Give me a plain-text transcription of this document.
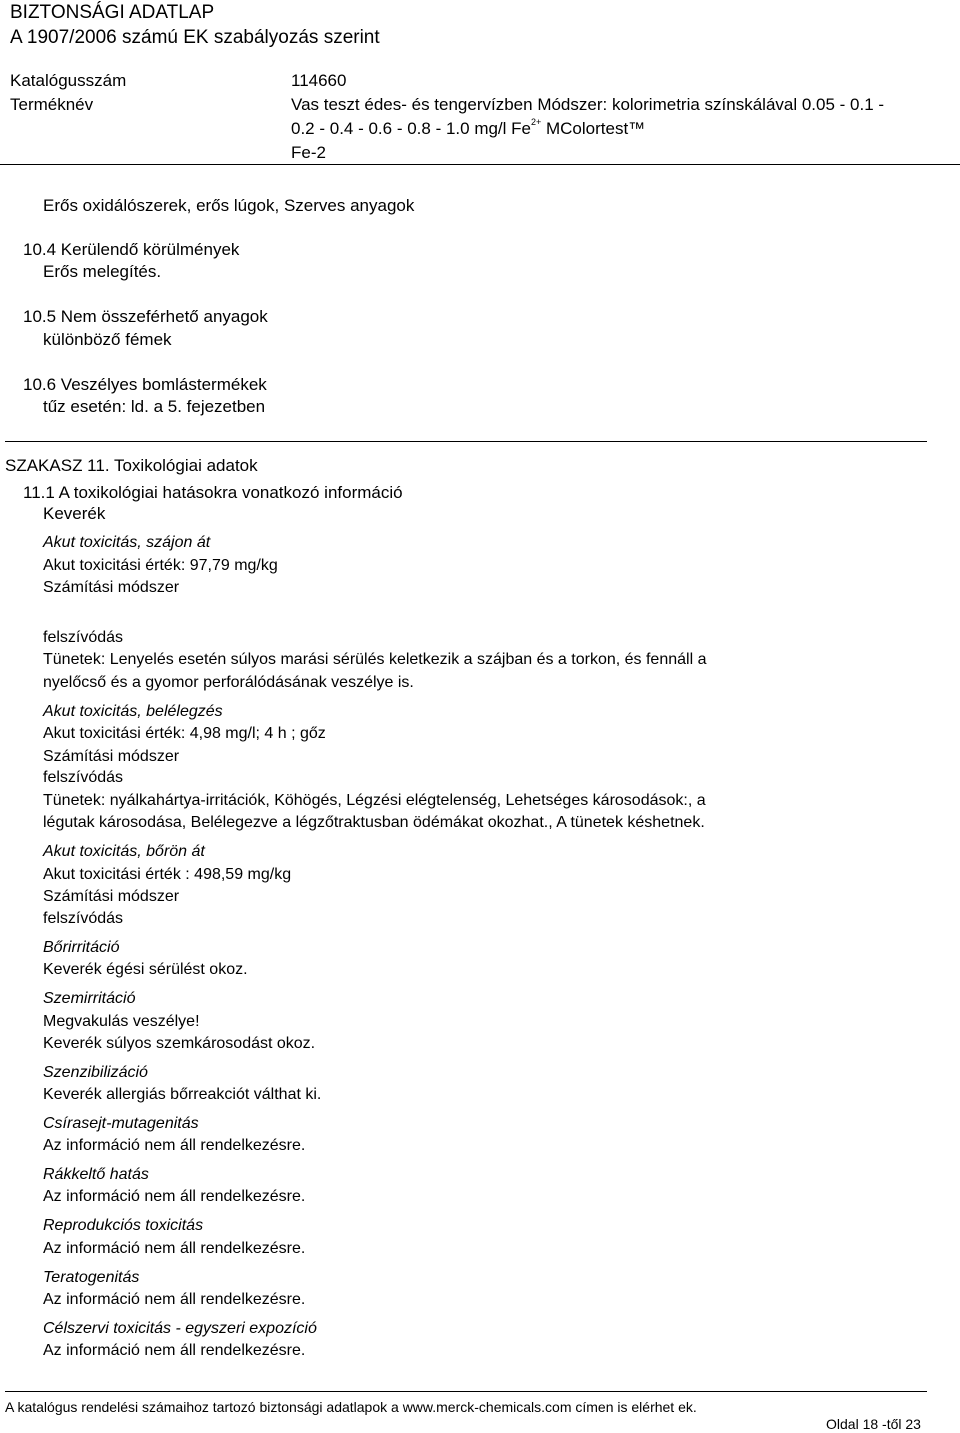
BIZTONSÁGI ADATLAP
A 1907/2006 számú EK szabályozás szerint
Katalógusszám	114660
Terméknév	Vas teszt édes- és tengervízben Módszer: kolorimetria színskálával 0.05 - 0.1 -
0.2 - 0.4 - 0.6 - 0.8 - 1.0 mg/l $Fe^{2+}$ MColortest™
Fe-2
Erős oxidálószerek, erős lúgok, Szerves anyagok
10.4 Kerülendő körülmények
Erős melegítés.
10.5 Nem összeférhető anyagok
különböző fémek
10.6 Veszélyes bomlástermékek
tűz esetén: ld. a 5. fejezetben
SZAKASZ 11. Toxikológiai adatok
11.1 A toxikológiai hatásokra vonatkozó információ
Keverék
Akut toxicitás, szájon át
Akut toxicitási érték: 97,79 mg/kg
Számítási módszer
felszívódás
Tünetek: Lenyelés esetén súlyos marási sérülés keletkezik a szájban és a torkon, és fennáll a
nyelőcső és a gyomor perforálódásának veszélye is.
Akut toxicitás, belélegzés
Akut toxicitási érték: 4,98 mg/l; 4 h ; gőz
Számítási módszer
felszívódás
Tünetek: nyálkahártya-irritációk, Köhögés, Légzési elégtelenség, Lehetséges károsodások:, a
légutak károsodása, Belélegezve a légzőtraktusban ödémákat okozhat., A tünetek késhetnek.
Akut toxicitás, bőrön át
Akut toxicitási érték : 498,59 mg/kg
Számítási módszer
felszívódás
Bőrirritáció
Keverék égési sérülést okoz.
Szemirritáció
Megvakulás veszélye!
Keverék súlyos szemkárosodást okoz.
Szenzibilizáció
Keverék allergiás bőrreakciót válthat ki.
Csírasejt-mutagenitás
Az információ nem áll rendelkezésre.
Rákkeltő hatás
Az információ nem áll rendelkezésre.
Reprodukciós toxicitás
Az információ nem áll rendelkezésre.
Teratogenitás
Az információ nem áll rendelkezésre.
Célszervi toxicitás - egyszeri expozíció
Az információ nem áll rendelkezésre.
A katalógus rendelési számaihoz tartozó biztonsági adatlapok a www.merck-chemicals.com címen is elérhet ek.
Oldal 18 -től 23
